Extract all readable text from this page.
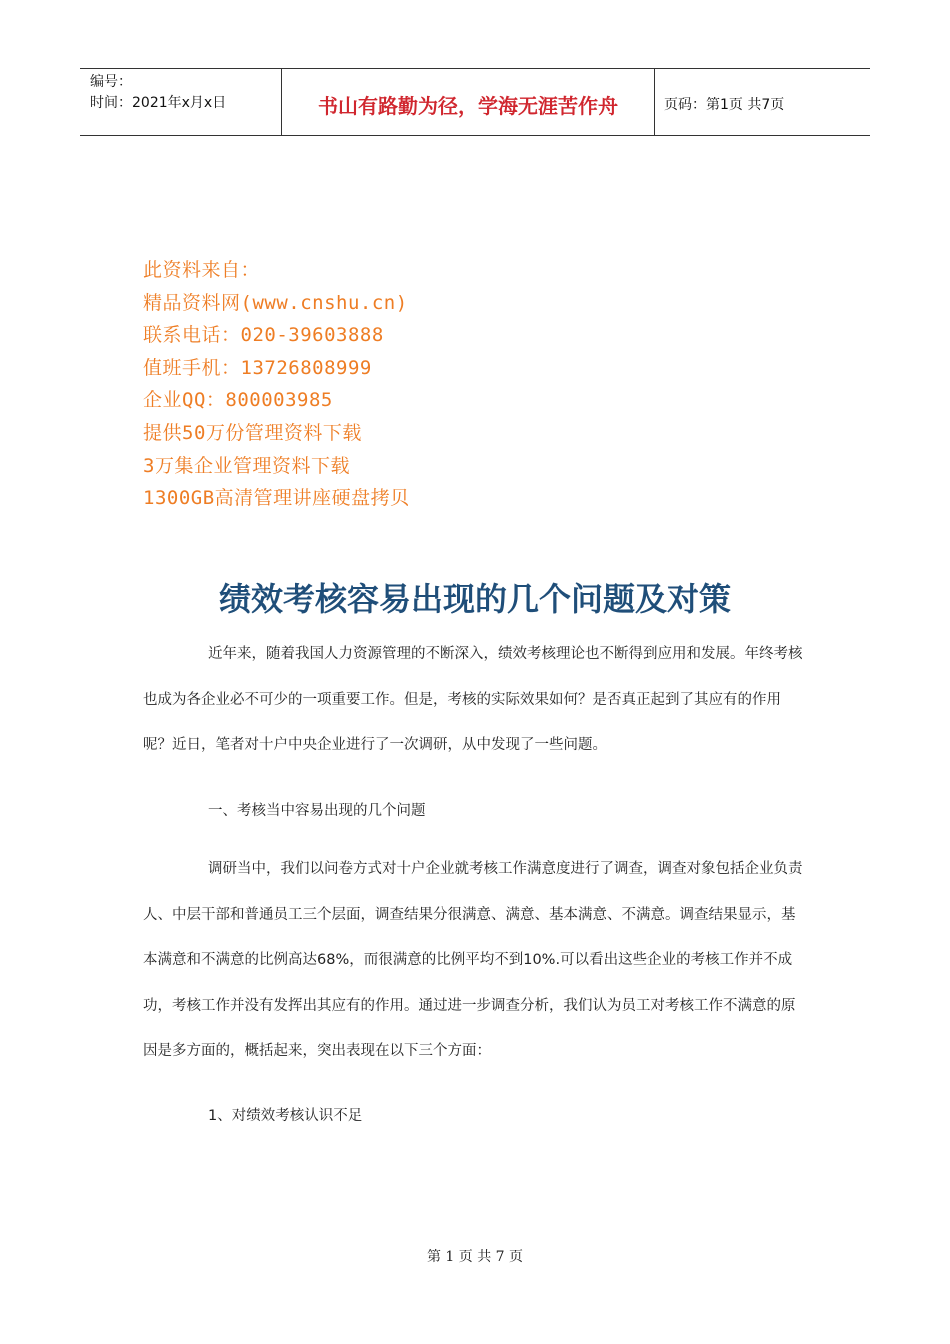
编号：
时间：2021年x月x日	书山有路勤为径，学海无涯苦作舟	页码：第1页 共7页
此资料来自：
精品资料网(www.cnshu.cn)
联系电话：020-39603888
值班手机：13726808999
企业QQ：800003985
提供50万份管理资料下载
3万集企业管理资料下载
1300GB高清管理讲座硬盘拷贝
绩效考核容易出现的几个问题及对策
近年来，随着我国人力资源管理的不断深入，绩效考核理论也不断得到应用和发展。年终考核也成为各企业必不可少的一项重要工作。但是，考核的实际效果如何？是否真正起到了其应有的作用呢？近日，笔者对十户中央企业进行了一次调研，从中发现了一些问题。
一、考核当中容易出现的几个问题
调研当中，我们以问卷方式对十户企业就考核工作满意度进行了调查，调查对象包括企业负责人、中层干部和普通员工三个层面，调查结果分很满意、满意、基本满意、不满意。调查结果显示，基本满意和不满意的比例高达68%，而很满意的比例平均不到10%.可以看出这些企业的考核工作并不成功，考核工作并没有发挥出其应有的作用。通过进一步调查分析，我们认为员工对考核工作不满意的原因是多方面的，概括起来，突出表现在以下三个方面：
1、对绩效考核认识不足
第 1 页 共 7 页
